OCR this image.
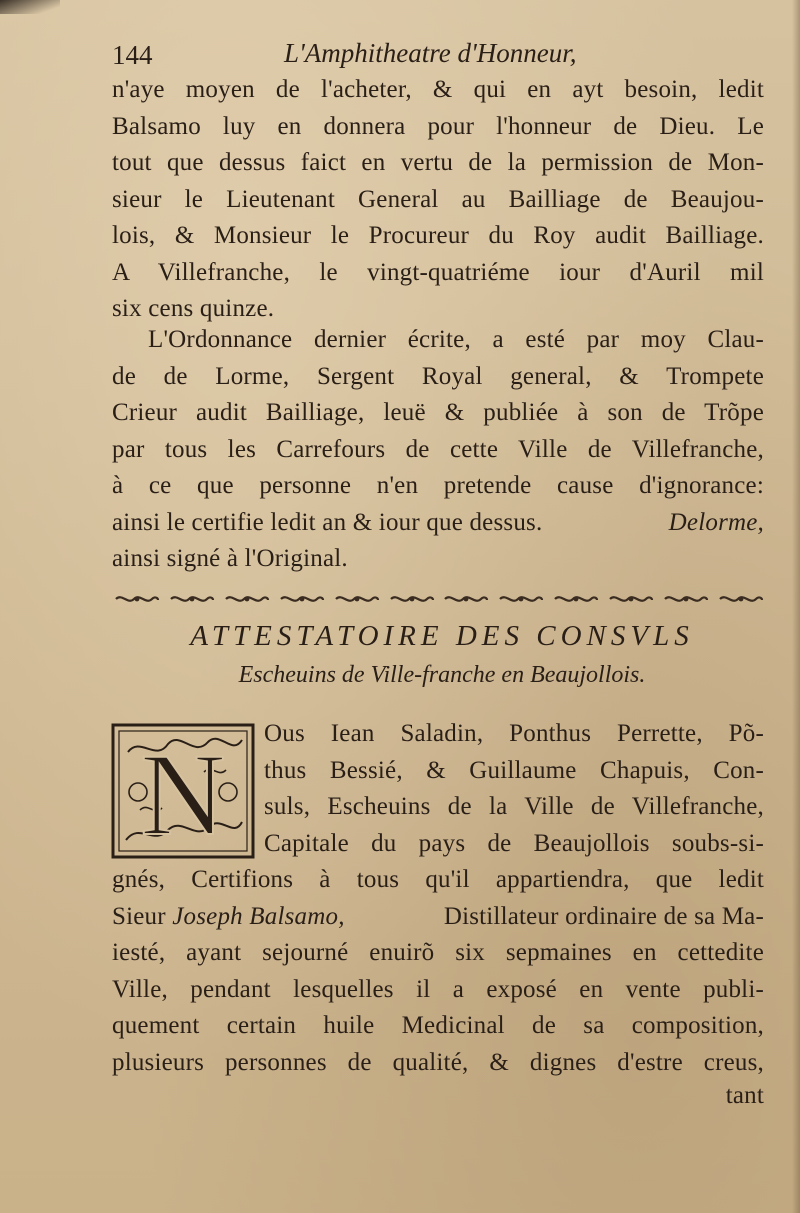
144	L'Amphitheatre d'Honneur,
n'aye moyen de l'acheter, & qui en ayt besoin, ledit
Balsamo luy en donnera pour l'honneur de Dieu. Le
tout que dessus faict en vertu de la permission de Mon-
sieur le Lieutenant General au Bailliage de Beaujou-
lois, & Monsieur le Procureur du Roy audit Bailliage.
A Villefranche, le vingt-quatriéme iour d'Auril mil
six cens quinze.
L'Ordonnance dernier écrite, a esté par moy Clau-
de de Lorme, Sergent Royal general, & Trompete
Crieur audit Bailliage, leuë & publiée à son de Trõpe
par tous les Carrefours de cette Ville de Villefranche,
à ce que personne n'en pretende cause d'ignorance:
ainsi le certifie ledit an & iour que dessus.	Delorme,
ainsi signé à l'Original.
ATTESTATOIRE DES CONSVLS
Escheuins de Ville-franche en Beaujollois.
N Ous Iean Saladin, Ponthus Perrette, Põ-
thus Bessié, & Guillaume Chapuis, Con-
suls, Escheuins de la Ville de Villefranche,
Capitale du pays de Beaujollois soubs-si-
gnés, Certifions à tous qu'il appartiendra, que ledit
Sieur Joseph Balsamo,	Distillateur ordinaire de sa Ma-
iesté, ayant sejourné enuirõ six sepmaines en cettedite
Ville, pendant lesquelles il a exposé en vente publi-
quement certain huile Medicinal de sa composition,
plusieurs personnes de qualité, & dignes d'estre creus,
tant
